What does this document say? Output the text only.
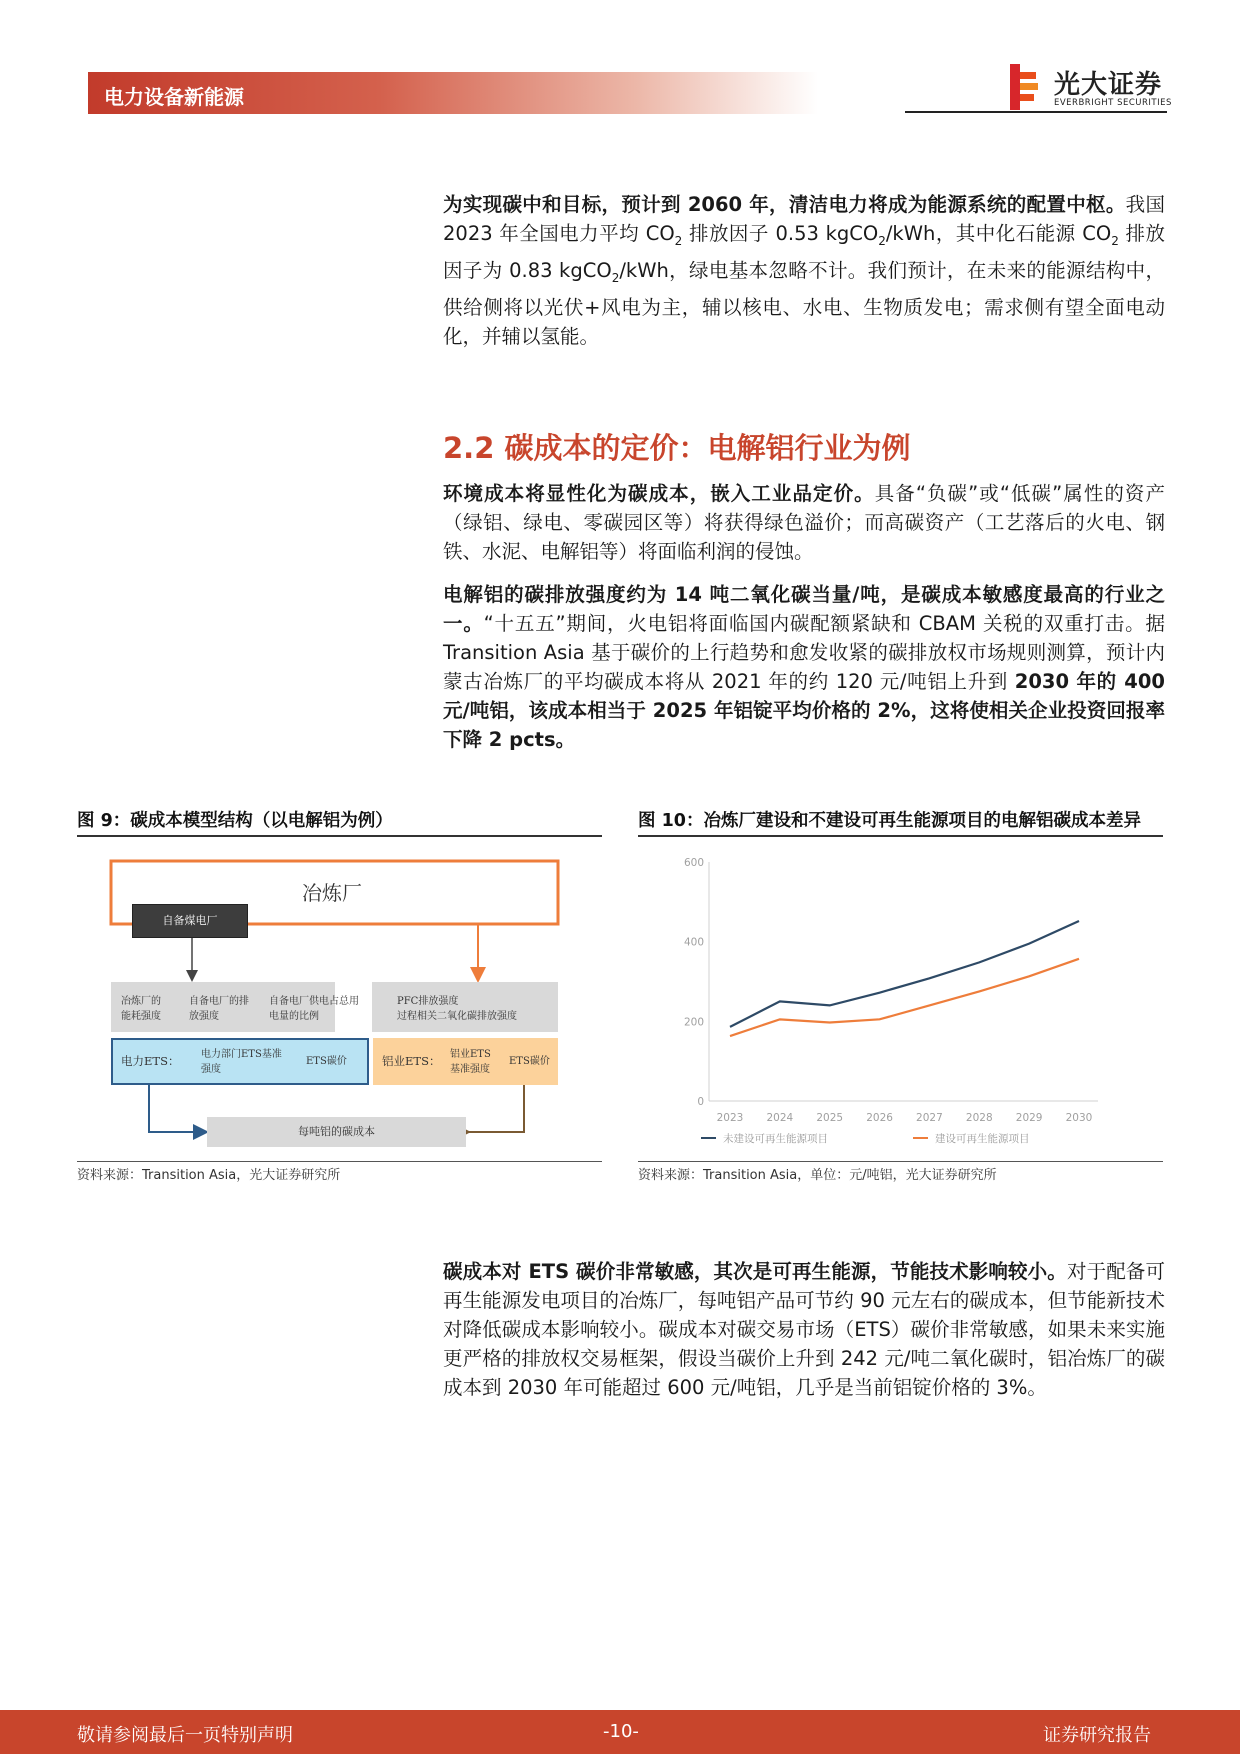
电力设备新能源	光大证券
EVERBRIGHT SECURITIES
为实现碳中和目标，预计到 2060 年，清洁电力将成为能源系统的配置中枢。我国 2023 年全国电力平均 $CO_2$ 排放因子 0.53 kgCO$_2$/kWh，其中化石能源 $CO_2$ 排放因子为 0.83 kgCO$_2$/kWh，绿电基本忽略不计。我们预计，在未来的能源结构中，供给侧将以光伏+风电为主，辅以核电、水电、生物质发电；需求侧有望全面电动化，并辅以氢能。
2.2 碳成本的定价：电解铝行业为例
环境成本将显性化为碳成本，嵌入工业品定价。具备“负碳”或“低碳”属性的资产（绿铝、绿电、零碳园区等）将获得绿色溢价；而高碳资产（工艺落后的火电、钢铁、水泥、电解铝等）将面临利润的侵蚀。
电解铝的碳排放强度约为 14 吨二氧化碳当量/吨，是碳成本敏感度最高的行业之一。“十五五”期间，火电铝将面临国内碳配额紧缺和 CBAM 关税的双重打击。据 Transition Asia 基于碳价的上行趋势和愈发收紧的碳排放权市场规则测算，预计内蒙古冶炼厂的平均碳成本将从 2021 年的约 120 元/吨铝上升到 2030 年的 400 元/吨铝，该成本相当于 2025 年铝锭平均价格的 2%，这将使相关企业投资回报率下降 2 pcts。
图 9：碳成本模型结构（以电解铝为例）
冶炼厂
自备煤电厂
冶炼厂的
能耗强度
自备电厂的排
放强度
自备电厂供电占总用
电量的比例
PFC排放强度
过程相关二氧化碳排放强度
电力ETS： 电力部门ETS基准
强度
ETS碳价	铝业ETS： 铝业ETS
基准强度
ETS碳价
每吨铝的碳成本
资料来源：Transition Asia，光大证券研究所
图 10：冶炼厂建设和不建设可再生能源项目的电解铝碳成本差异
0
200
400
600
2023 2024 2025 2026 2027 2028 2029 2030
未建设可再生能源项目	建设可再生能源项目
资料来源：Transition Asia，单位：元/吨铝，光大证券研究所
碳成本对 ETS 碳价非常敏感，其次是可再生能源，节能技术影响较小。对于配备可再生能源发电项目的冶炼厂，每吨铝产品可节约 90 元左右的碳成本，但节能新技术对降低碳成本影响较小。碳成本对碳交易市场（ETS）碳价非常敏感，如果未来实施更严格的排放权交易框架，假设当碳价上升到 242 元/吨二氧化碳时，铝冶炼厂的碳成本到 2030 年可能超过 600 元/吨铝，几乎是当前铝锭价格的 3%。
敬请参阅最后一页特别声明	-10-	证券研究报告
